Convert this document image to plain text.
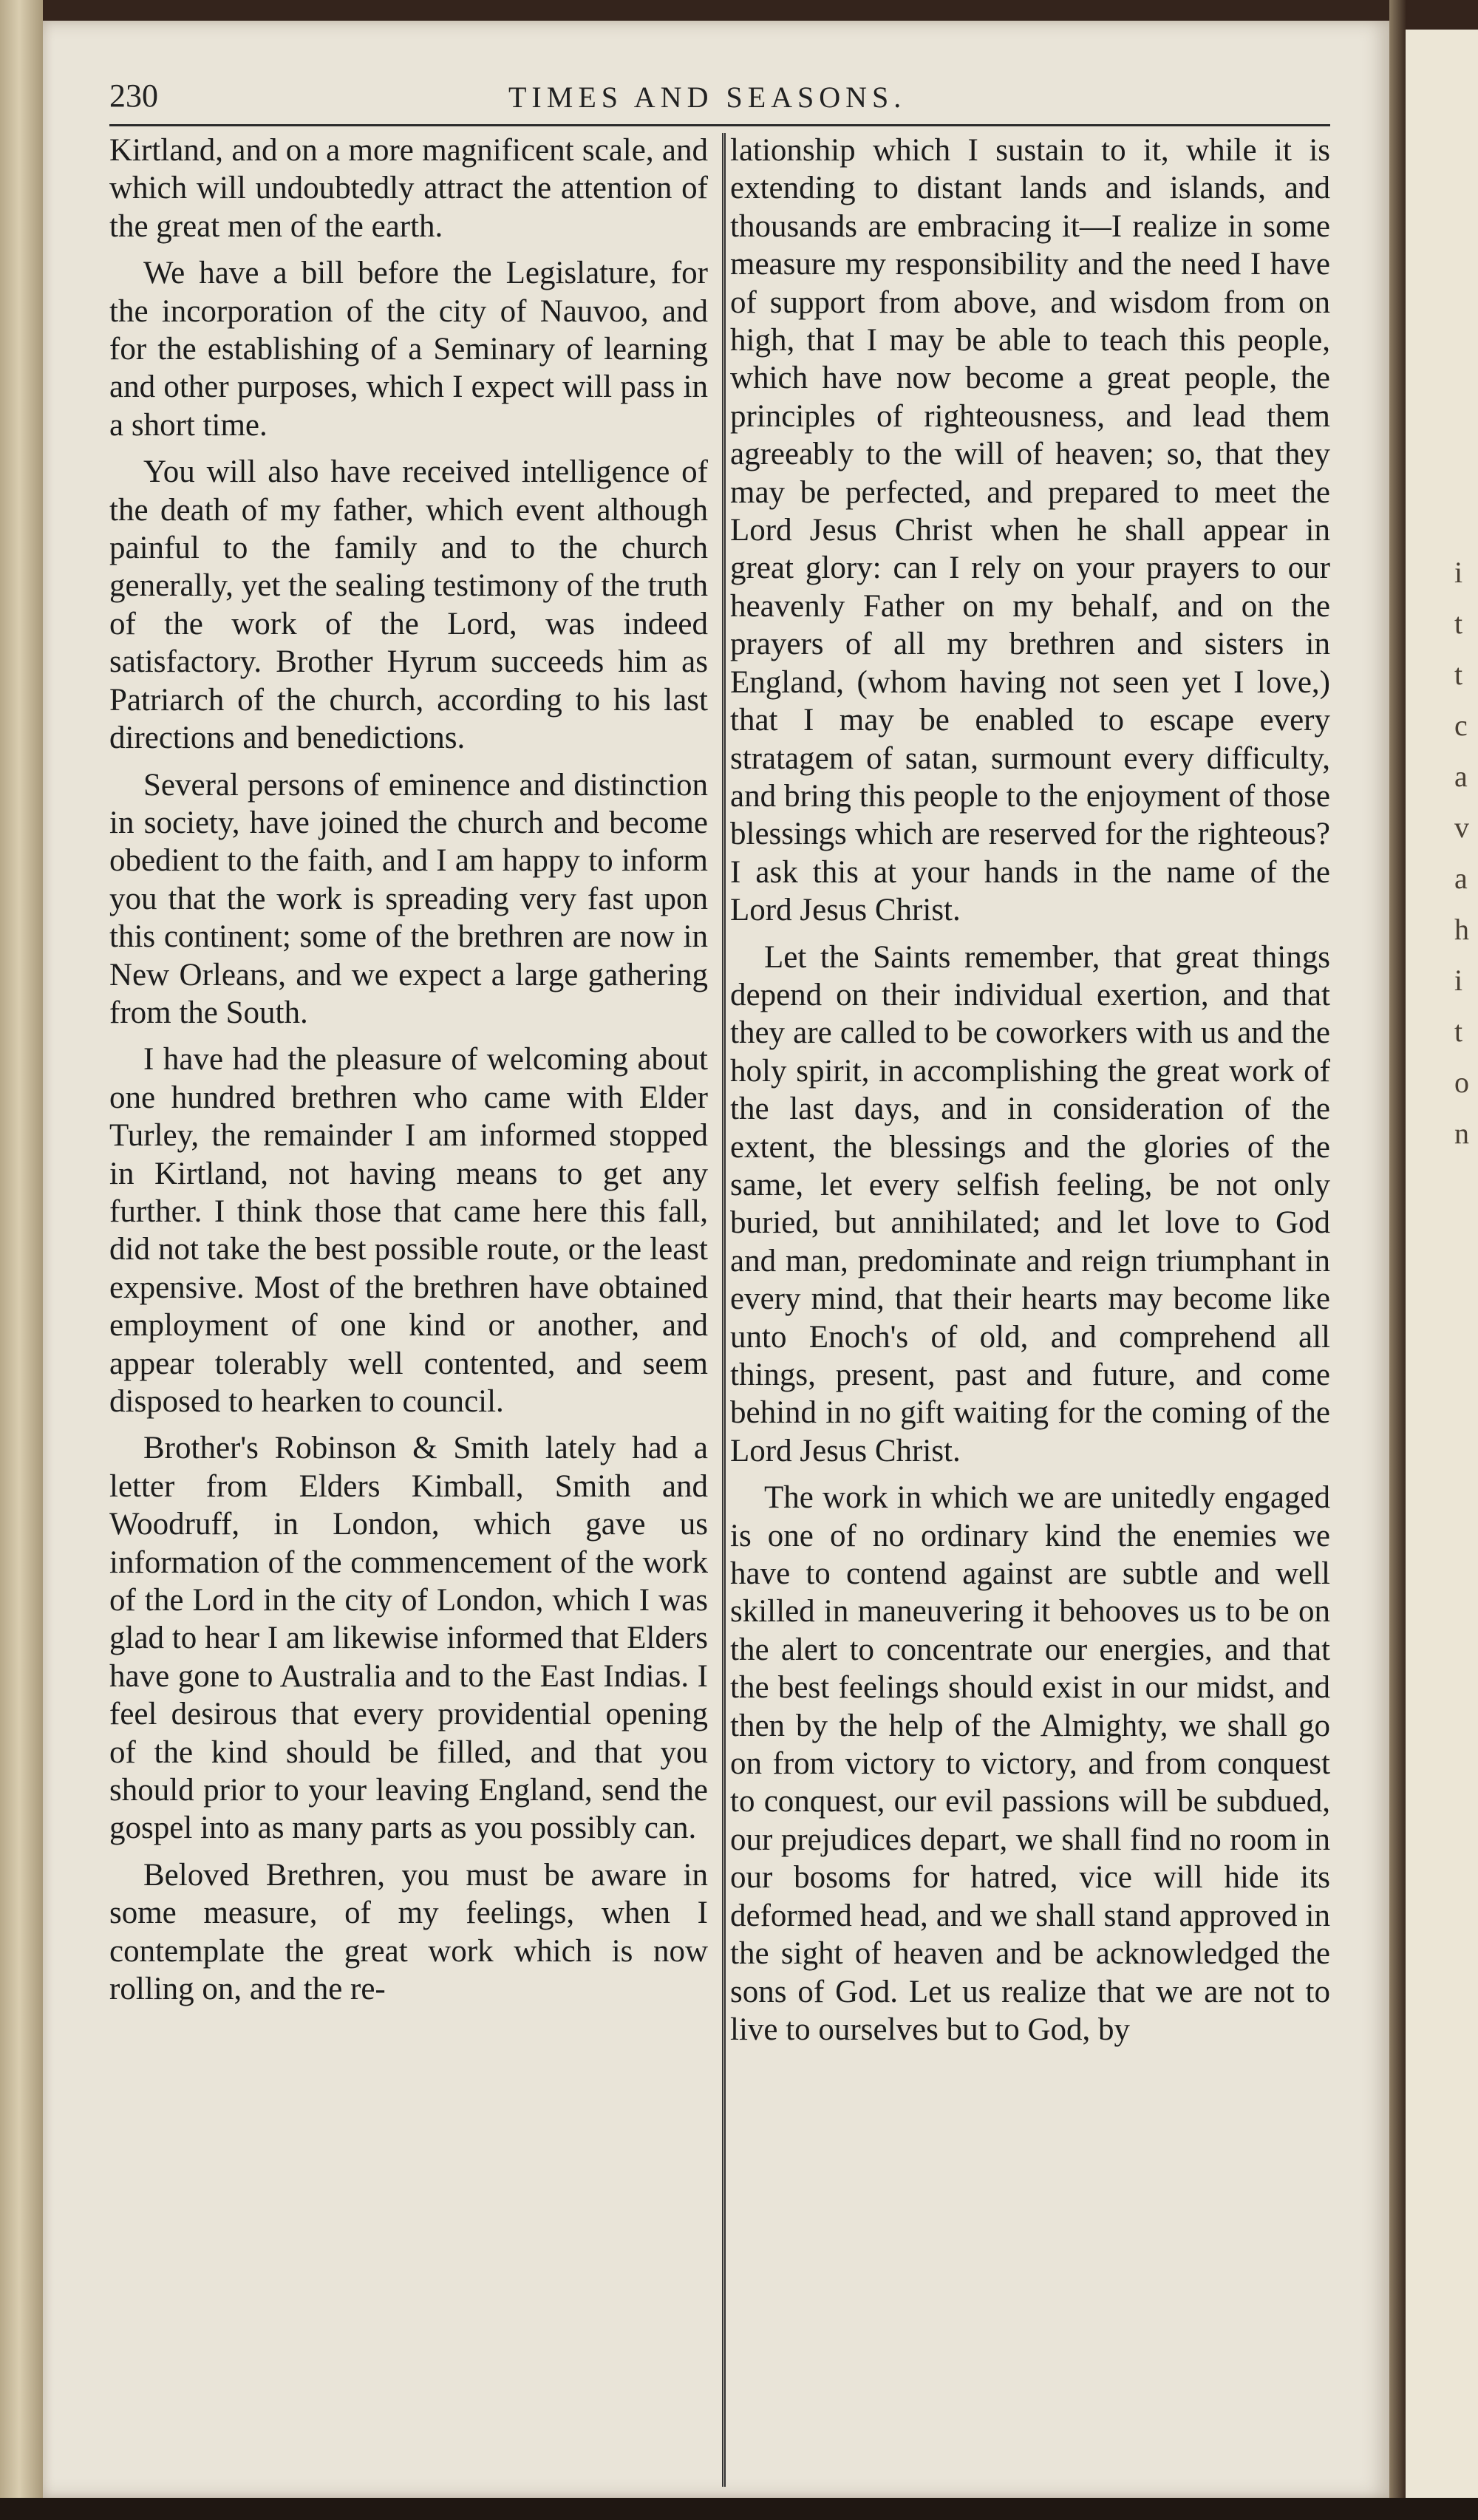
i
t
t
c
a
v
a
h
i
t
o
n
230	TIMES AND SEASONS.

Kirtland, and on a more magnificent scale, and which will undoubtedly attract the attention of the great men of the earth.

We have a bill before the Legislature, for the incorporation of the city of Nauvoo, and for the establishing of a Seminary of learning and other purposes, which I expect will pass in a short time.

You will also have received intelligence of the death of my father, which event although painful to the family and to the church generally, yet the sealing testimony of the truth of the work of the Lord, was indeed satisfactory. Brother Hyrum succeeds him as Patriarch of the church, according to his last directions and benedictions.

Several persons of eminence and distinction in society, have joined the church and become obedient to the faith, and I am happy to inform you that the work is spreading very fast upon this continent; some of the brethren are now in New Orleans, and we expect a large gathering from the South.

I have had the pleasure of welcoming about one hundred brethren who came with Elder Turley, the remainder I am informed stopped in Kirtland, not having means to get any further. I think those that came here this fall, did not take the best possible route, or the least expensive. Most of the brethren have obtained employment of one kind or another, and appear tolerably well contented, and seem disposed to hearken to council.

Brother's Robinson & Smith lately had a letter from Elders Kimball, Smith and Woodruff, in London, which gave us information of the commencement of the work of the Lord in the city of London, which I was glad to hear I am likewise informed that Elders have gone to Australia and to the East Indias. I feel desirous that every providential opening of the kind should be filled, and that you should prior to your leaving England, send the gospel into as many parts as you possibly can.

Beloved Brethren, you must be aware in some measure, of my feelings, when I contemplate the great work which is now rolling on, and the re-

lationship which I sustain to it, while it is extending to distant lands and islands, and thousands are embracing it—I realize in some measure my responsibility and the need I have of support from above, and wisdom from on high, that I may be able to teach this people, which have now become a great people, the principles of righteousness, and lead them agreeably to the will of heaven; so, that they may be perfected, and prepared to meet the Lord Jesus Christ when he shall appear in great glory: can I rely on your prayers to our heavenly Father on my behalf, and on the prayers of all my brethren and sisters in England, (whom having not seen yet I love,) that I may be enabled to escape every stratagem of satan, surmount every difficulty, and bring this people to the enjoyment of those blessings which are reserved for the righteous? I ask this at your hands in the name of the Lord Jesus Christ.

Let the Saints remember, that great things depend on their individual exertion, and that they are called to be coworkers with us and the holy spirit, in accomplishing the great work of the last days, and in consideration of the extent, the blessings and the glories of the same, let every selfish feeling, be not only buried, but annihilated; and let love to God and man, predominate and reign triumphant in every mind, that their hearts may become like unto Enoch's of old, and comprehend all things, present, past and future, and come behind in no gift waiting for the coming of the Lord Jesus Christ.

The work in which we are unitedly engaged is one of no ordinary kind the enemies we have to contend against are subtle and well skilled in maneuvering it behooves us to be on the alert to concentrate our energies, and that the best feelings should exist in our midst, and then by the help of the Almighty, we shall go on from victory to victory, and from conquest to conquest, our evil passions will be subdued, our prejudices depart, we shall find no room in our bosoms for hatred, vice will hide its deformed head, and we shall stand approved in the sight of heaven and be acknowledged the sons of God. Let us realize that we are not to live to ourselves but to God, by
